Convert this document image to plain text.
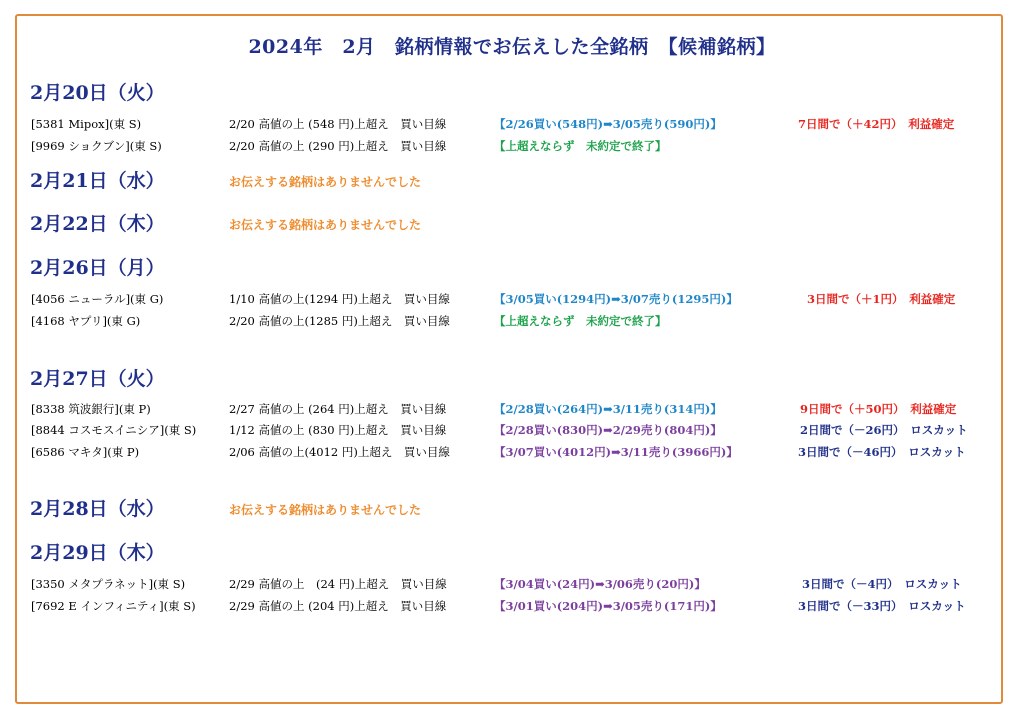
2024年　2月　銘柄情報でお伝えした全銘柄　【候補銘柄】
2月20日（火）
[5381 Mipox](東 S)	2/20 高値の上 (548 円)上超え　買い目線	【2/26買い(548円)➡3/05売り(590円)】	7日間で（＋42円）　利益確定
[9969 ショクブン](東 S)	2/20 高値の上 (290 円)上超え　買い目線	【上超えならず　未約定で終了】
2月21日（水）	お伝えする銘柄はありませんでした
2月22日（木）	お伝えする銘柄はありませんでした
2月26日（月）
[4056 ニューラル](東 G)	1/10 高値の上(1294 円)上超え　買い目線	【3/05買い(1294円)➡3/07売り(1295円)】	3日間で（＋1円）　利益確定
[4168 ヤプリ](東 G)	2/20 高値の上(1285 円)上超え　買い目線	【上超えならず　未約定で終了】
2月27日（火）
[8338 筑波銀行](東 P)	2/27 高値の上 (264 円)上超え　買い目線	【2/28買い(264円)➡3/11売り(314円)】	9日間で（＋50円）　利益確定
[8844 コスモスイニシア](東 S)	1/12 高値の上 (830 円)上超え　買い目線	【2/28買い(830円)➡2/29売り(804円)】	2日間で（－26円）　ロスカット
[6586 マキタ](東 P)	2/06 高値の上(4012 円)上超え　買い目線	【3/07買い(4012円)➡3/11売り(3966円)】	3日間で（－46円）　ロスカット
2月28日（水）	お伝えする銘柄はありませんでした
2月29日（木）
[3350 メタプラネット](東 S)	2/29 高値の上　(24 円)上超え　買い目線	【3/04買い(24円)➡3/06売り(20円)】	3日間で（－4円）　ロスカット
[7692 E インフィニティ](東 S)	2/29 高値の上 (204 円)上超え　買い目線	【3/01買い(204円)➡3/05売り(171円)】	3日間で（－33円）　ロスカット
